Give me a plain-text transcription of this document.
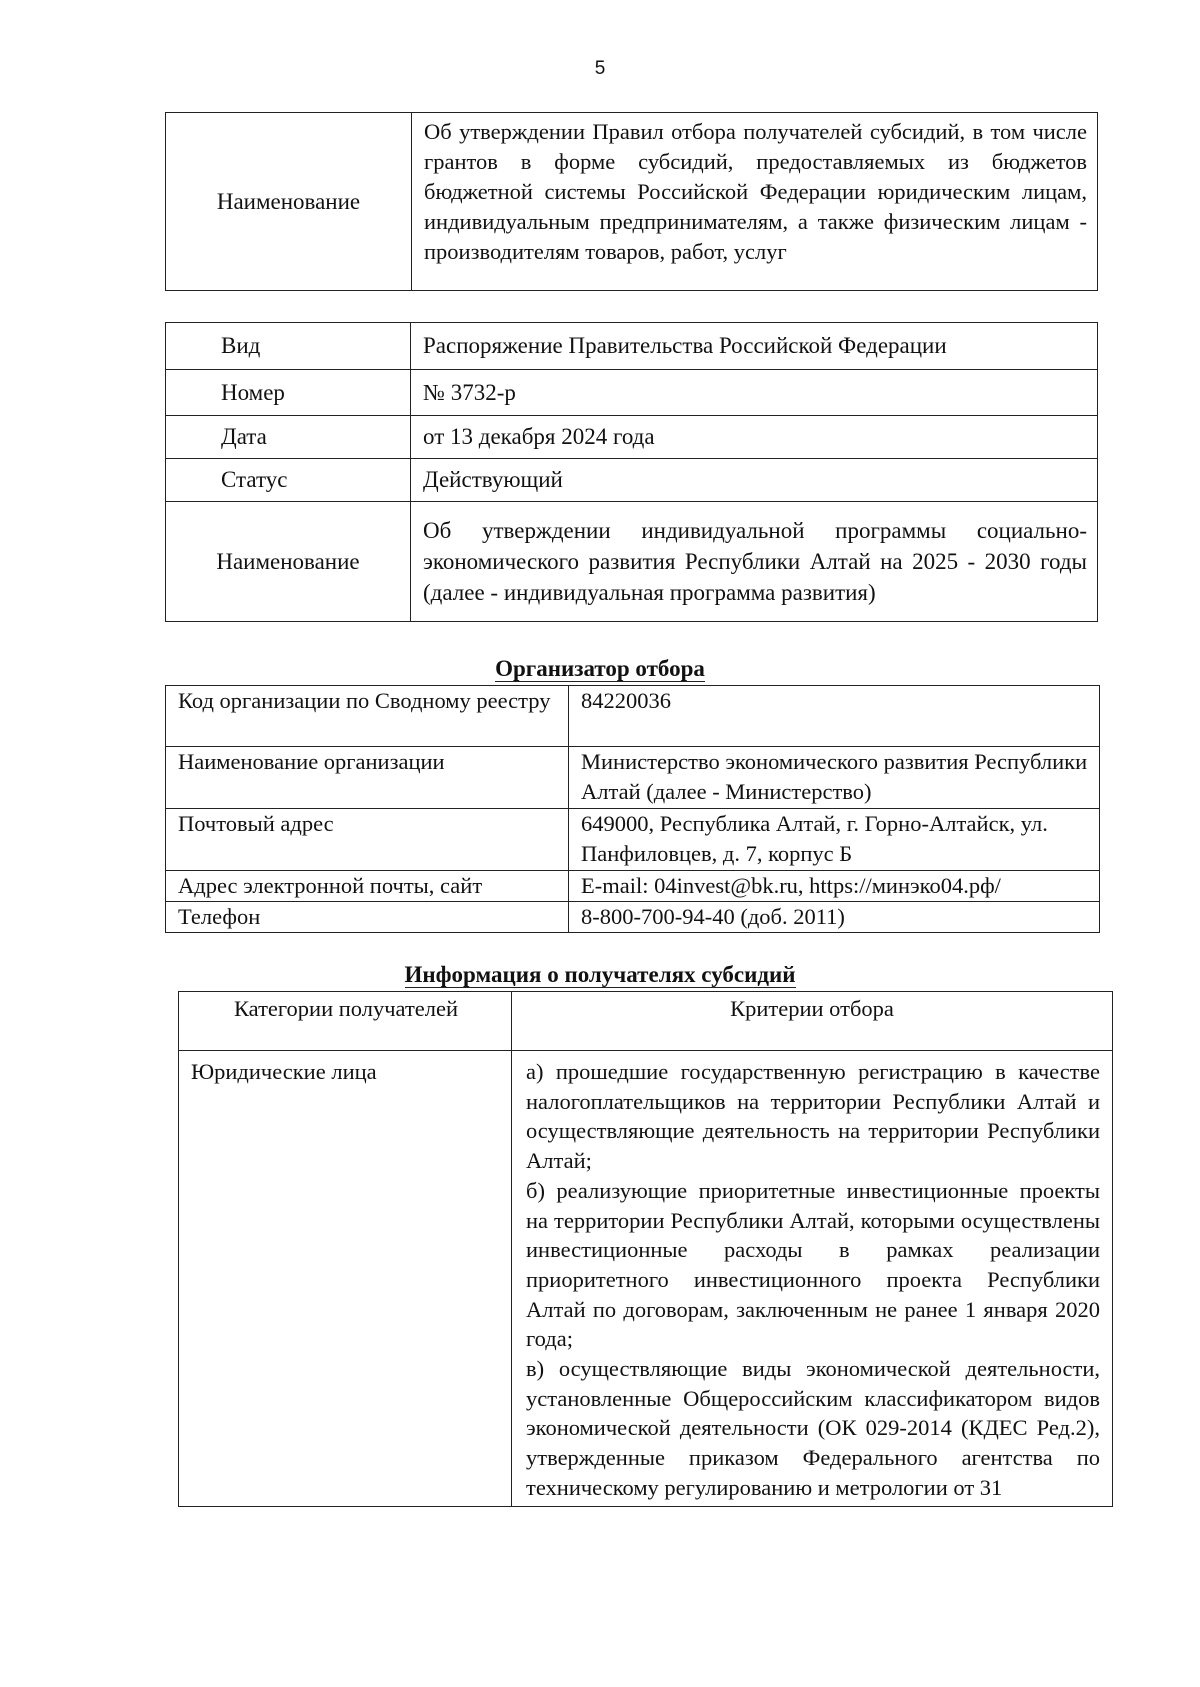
5
Наименование	Об утверждении Правил отбора получателей субсидий, в том числе грантов в форме субсидий, предоставляемых из бюджетов бюджетной системы Российской Федерации юридическим лицам, индивидуальным предпринимателям, а также физическим лицам - производителям товаров, работ, услуг
Вид	Распоряжение Правительства Российской Федерации
Номер	№ 3732-р
Дата	от 13 декабря 2024 года
Статус	Действующий
Наименование	Об утверждении индивидуальной программы социально-экономического развития Республики Алтай на 2025 - 2030 годы (далее - индивидуальная программа развития)
Организатор отбора
Код организации по Сводному реестру	84220036
Наименование организации	Министерство экономического развития Республики Алтай (далее - Министерство)
Почтовый адрес	649000, Республика Алтай, г. Горно-Алтайск, ул. Панфиловцев, д. 7, корпус Б
Адрес электронной почты, сайт	E-mail: 04invest@bk.ru, https://минэко04.рф/
Телефон	8-800-700-94-40 (доб. 2011)
Информация о получателях субсидий
Категории получателей	Критерии отбора
Юридические лица	а) прошедшие государственную регистрацию в качестве налогоплательщиков на территории Республики Алтай и осуществляющие деятельность на территории Республики Алтай;

б) реализующие приоритетные инвестиционные проекты на территории Республики Алтай, которыми осуществлены инвестиционные расходы в рамках реализации приоритетного инвестиционного проекта Республики Алтай по договорам, заключенным не ранее 1 января 2020 года;

в) осуществляющие виды экономической деятельности, установленные Общероссийским классификатором видов экономической деятельности (ОК 029-2014 (КДЕС Ред.2), утвержденные приказом Федерального агентства по техническому регулированию и метрологии от 31
